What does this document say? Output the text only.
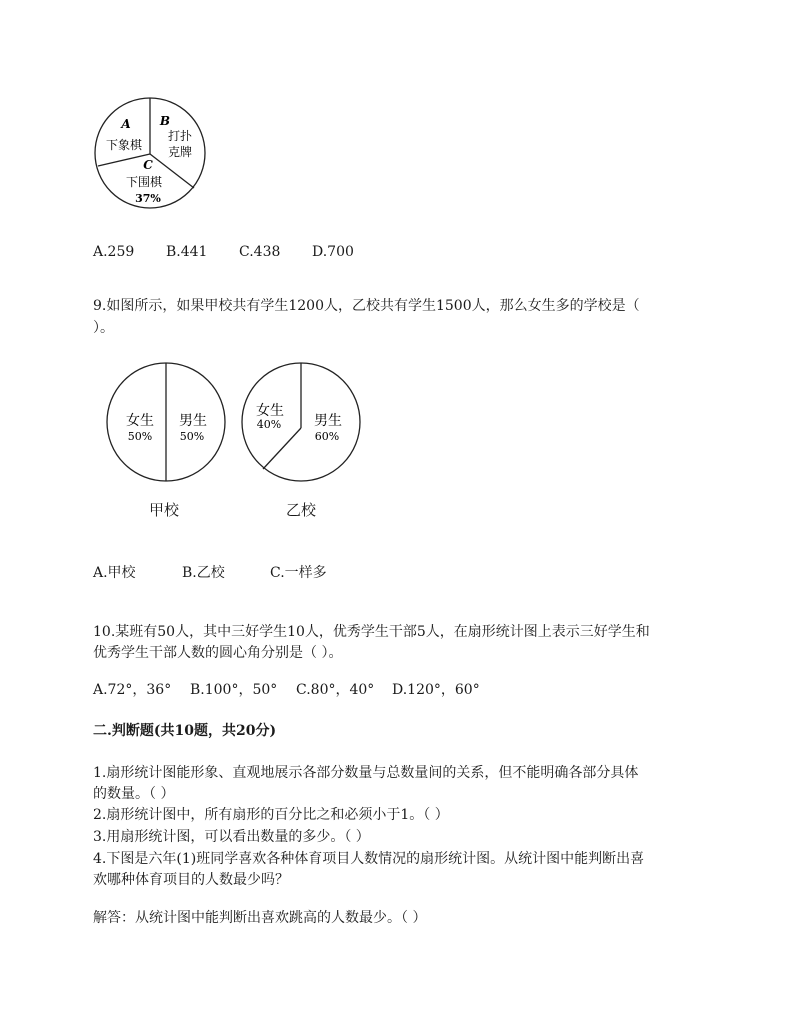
A
下象棋
B
打扑
克牌
C
下围棋
37%
A.259 B.441 C.438 D.700
9.如图所示，如果甲校共有学生1200人，乙校共有学生1500人，那么女生多的学校是（
）。
女生
50%
男生
50%
甲校
女生
40% 男生
60%
乙校
A.甲校	B.乙校	C.一样多
10.某班有50人，其中三好学生10人，优秀学生干部5人，在扇形统计图上表示三好学生和
优秀学生干部人数的圆心角分别是（ ）。
A.72°，36° B.100°，50° C.80°，40° D.120°，60°
二.判断题(共10题，共20分)
1.扇形统计图能形象、直观地展示各部分数量与总数量间的关系，但不能明确各部分具体
的数量。（ ）
2.扇形统计图中，所有扇形的百分比之和必须小于1。（ ）
3.用扇形统计图，可以看出数量的多少。（ ）
4.下图是六年(1)班同学喜欢各种体育项目人数情况的扇形统计图。从统计图中能判断出喜
欢哪种体育项目的人数最少吗？
解答：从统计图中能判断出喜欢跳高的人数最少。（ ）
